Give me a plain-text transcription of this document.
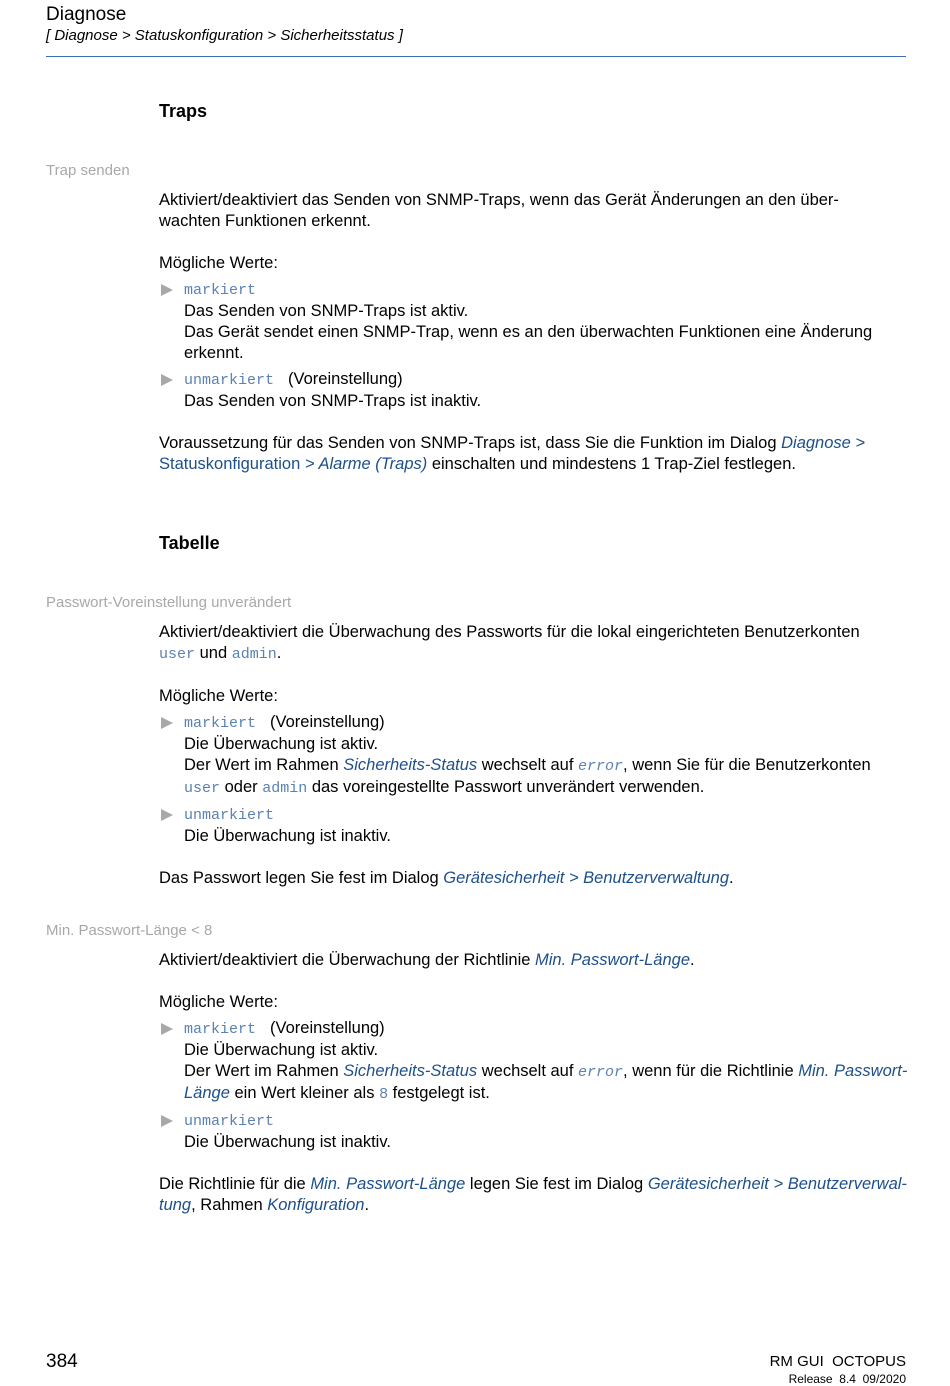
Diagnose
[ Diagnose > Statuskonfiguration > Sicherheitsstatus ]
Traps
Trap senden

Aktiviert/deaktiviert das Senden von SNMP-Traps, wenn das Gerät Änderungen an den über-

wachten Funktionen erkennt.

Mögliche Werte:

markiert

Das Senden von SNMP-Traps ist aktiv.

Das Gerät sendet einen SNMP-Trap, wenn es an den überwachten Funktionen eine Änderung

erkennt.

unmarkiert (Voreinstellung)

Das Senden von SNMP-Traps ist inaktiv.

Voraussetzung für das Senden von SNMP-Traps ist, dass Sie die Funktion im Dialog Diagnose >

Statuskonfiguration > Alarme (Traps) einschalten und mindestens 1 Trap-Ziel festlegen.

Tabelle
Passwort-Voreinstellung unverändert

Aktiviert/deaktiviert die Überwachung des Passworts für die lokal eingerichteten Benutzerkonten

user und admin.

Mögliche Werte:

markiert (Voreinstellung)

Die Überwachung ist aktiv.

Der Wert im Rahmen Sicherheits-Status wechselt auf error, wenn Sie für die Benutzerkonten

user oder admin das voreingestellte Passwort unverändert verwenden.

unmarkiert

Die Überwachung ist inaktiv.

Das Passwort legen Sie fest im Dialog Gerätesicherheit > Benutzerverwaltung.

Min. Passwort-Länge < 8

Aktiviert/deaktiviert die Überwachung der Richtlinie Min. Passwort-Länge.

Mögliche Werte:

markiert (Voreinstellung)

Die Überwachung ist aktiv.

Der Wert im Rahmen Sicherheits-Status wechselt auf error, wenn für die Richtlinie Min. Passwort-

Länge ein Wert kleiner als 8 festgelegt ist.

unmarkiert

Die Überwachung ist inaktiv.

Die Richtlinie für die Min. Passwort-Länge legen Sie fest im Dialog Gerätesicherheit > Benutzerverwal-

tung, Rahmen Konfiguration.

384	RM GUI  OCTOPUS
Release  8.4  09/2020
